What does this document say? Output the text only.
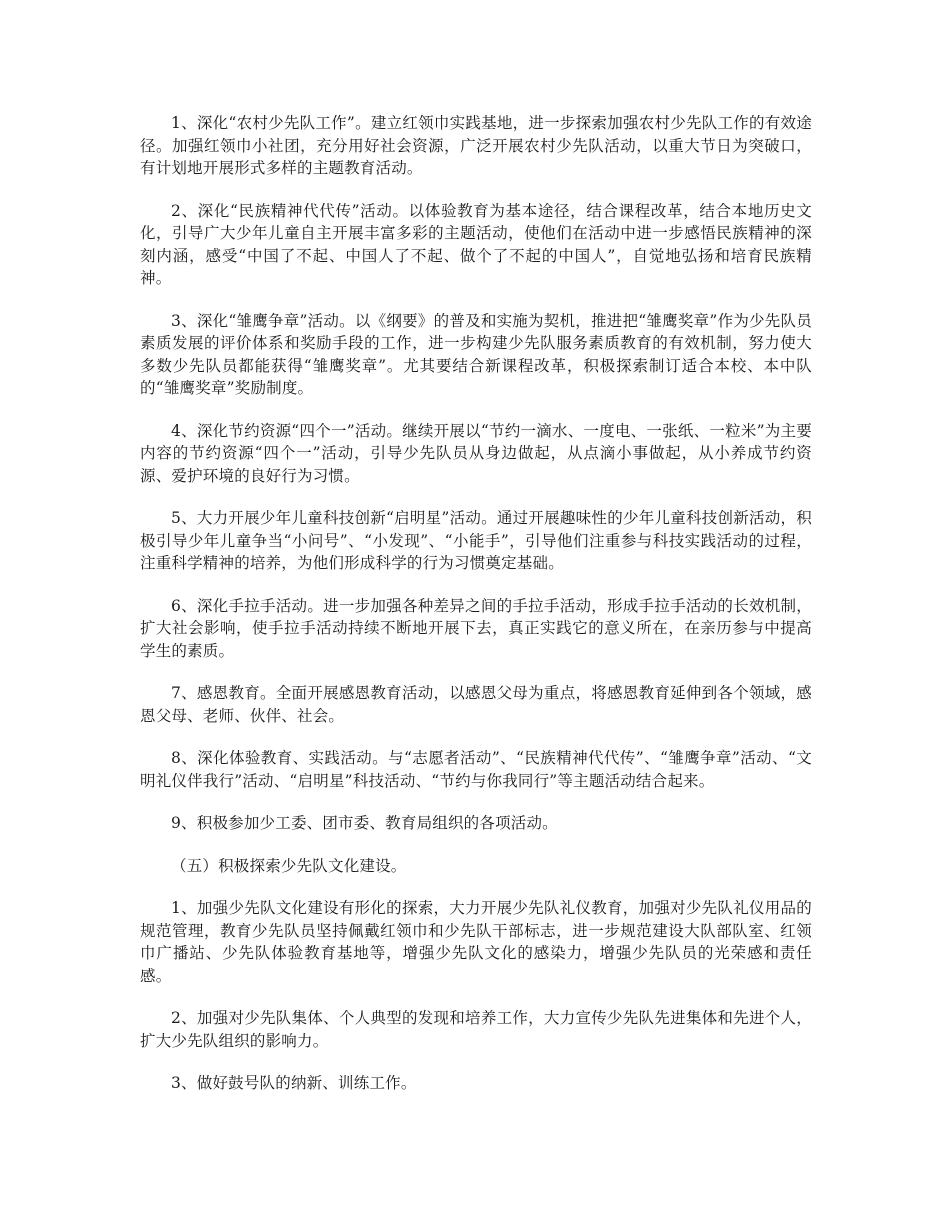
1、深化“农村少先队工作”。建立红领巾实践基地，进一步探索加强农村少先队工作的有效途径。加强红领巾小社团，充分用好社会资源，广泛开展农村少先队活动，以重大节日为突破口，有计划地开展形式多样的主题教育活动。

2、深化“民族精神代代传”活动。以体验教育为基本途径，结合课程改革，结合本地历史文化，引导广大少年儿童自主开展丰富多彩的主题活动，使他们在活动中进一步感悟民族精神的深刻内涵，感受“中国了不起、中国人了不起、做个了不起的中国人”，自觉地弘扬和培育民族精神。

3、深化“雏鹰争章”活动。以《纲要》的普及和实施为契机，推进把“雏鹰奖章”作为少先队员素质发展的评价体系和奖励手段的工作，进一步构建少先队服务素质教育的有效机制，努力使大多数少先队员都能获得“雏鹰奖章”。尤其要结合新课程改革，积极探索制订适合本校、本中队的“雏鹰奖章”奖励制度。

4、深化节约资源“四个一”活动。继续开展以“节约一滴水、一度电、一张纸、一粒米”为主要内容的节约资源“四个一”活动，引导少先队员从身边做起，从点滴小事做起，从小养成节约资源、爱护环境的良好行为习惯。

5、大力开展少年儿童科技创新“启明星”活动。通过开展趣味性的少年儿童科技创新活动，积极引导少年儿童争当“小问号”、“小发现”、“小能手”，引导他们注重参与科技实践活动的过程，注重科学精神的培养，为他们形成科学的行为习惯奠定基础。

6、深化手拉手活动。进一步加强各种差异之间的手拉手活动，形成手拉手活动的长效机制，扩大社会影响，使手拉手活动持续不断地开展下去，真正实践它的意义所在，在亲历参与中提高学生的素质。

7、感恩教育。全面开展感恩教育活动，以感恩父母为重点，将感恩教育延伸到各个领域，感恩父母、老师、伙伴、社会。

8、深化体验教育、实践活动。与“志愿者活动”、“民族精神代代传”、“雏鹰争章”活动、“文明礼仪伴我行”活动、“启明星”科技活动、“节约与你我同行”等主题活动结合起来。

9、积极参加少工委、团市委、教育局组织的各项活动。

（五）积极探索少先队文化建设。

1、加强少先队文化建设有形化的探索，大力开展少先队礼仪教育，加强对少先队礼仪用品的规范管理，教育少先队员坚持佩戴红领巾和少先队干部标志，进一步规范建设大队部队室、红领巾广播站、少先队体验教育基地等，增强少先队文化的感染力，增强少先队员的光荣感和责任感。

2、加强对少先队集体、个人典型的发现和培养工作，大力宣传少先队先进集体和先进个人，扩大少先队组织的影响力。

3、做好鼓号队的纳新、训练工作。
